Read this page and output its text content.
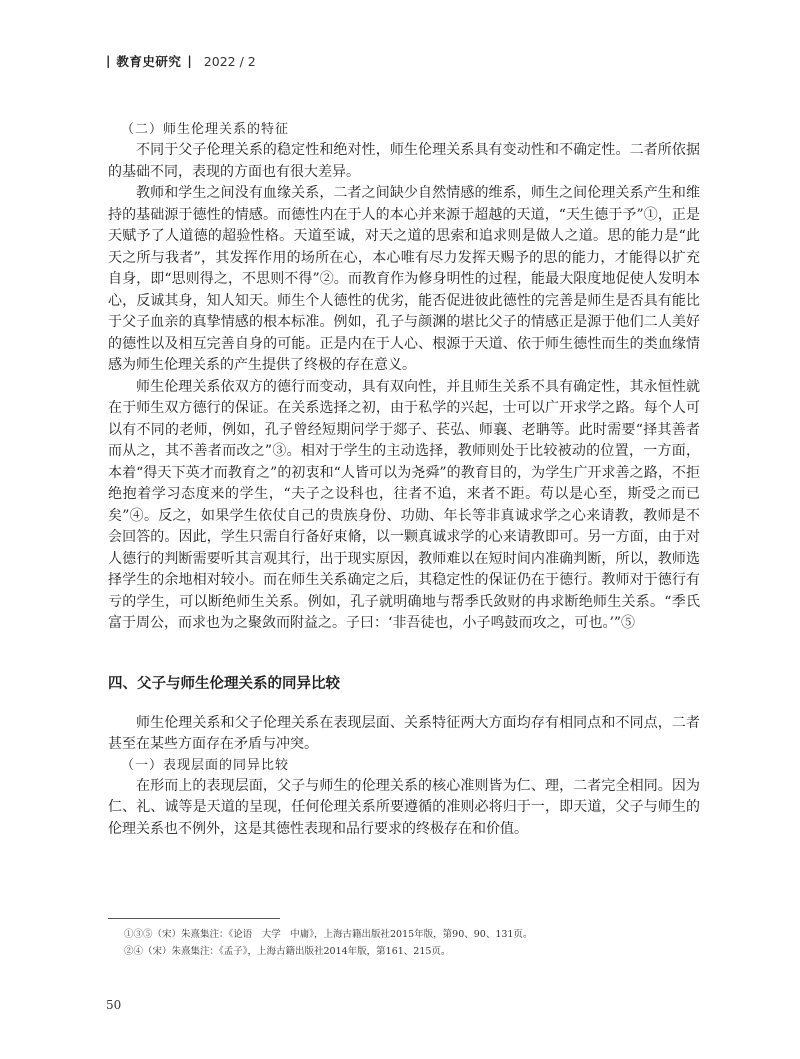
| 教育史研究 | 2022 / 2
（二）师生伦理关系的特征

不同于父子伦理关系的稳定性和绝对性，师生伦理关系具有变动性和不确定性。二者所依据的基础不同，表现的方面也有很大差异。

教师和学生之间没有血缘关系，二者之间缺少自然情感的维系，师生之间伦理关系产生和维持的基础源于德性的情感。而德性内在于人的本心并来源于超越的天道，“天生德于予”①，正是天赋予了人道德的超验性格。天道至诚，对天之道的思索和追求则是做人之道。思的能力是“此天之所与我者”，其发挥作用的场所在心，本心唯有尽力发挥天赐予的思的能力，才能得以扩充自身，即“思则得之，不思则不得”②。而教育作为修身明性的过程，能最大限度地促使人发明本心，反诚其身，知人知天。师生个人德性的优劣，能否促进彼此德性的完善是师生是否具有能比于父子血亲的真挚情感的根本标准。例如，孔子与颜渊的堪比父子的情感正是源于他们二人美好的德性以及相互完善自身的可能。正是内在于人心、根源于天道、依于师生德性而生的类血缘情感为师生伦理关系的产生提供了终极的存在意义。

师生伦理关系依双方的德行而变动，具有双向性，并且师生关系不具有确定性，其永恒性就在于师生双方德行的保证。在关系选择之初，由于私学的兴起，士可以广开求学之路。每个人可以有不同的老师，例如，孔子曾经短期问学于郯子、苌弘、师襄、老聃等。此时需要“择其善者而从之，其不善者而改之”③。相对于学生的主动选择，教师则处于比较被动的位置，一方面，本着“得天下英才而教育之”的初衷和“人皆可以为尧舜”的教育目的，为学生广开求善之路，不拒绝抱着学习态度来的学生，“夫子之设科也，往者不追，来者不距。苟以是心至，斯受之而已矣”④。反之，如果学生依仗自己的贵族身份、功勋、年长等非真诚求学之心来请教，教师是不会回答的。因此，学生只需自行备好束脩，以一颗真诚求学的心来请教即可。另一方面，由于对人德行的判断需要听其言观其行，出于现实原因，教师难以在短时间内准确判断，所以，教师选择学生的余地相对较小。而在师生关系确定之后，其稳定性的保证仍在于德行。教师对于德行有亏的学生，可以断绝师生关系。例如，孔子就明确地与帮季氏敛财的冉求断绝师生关系。“季氏富于周公，而求也为之聚敛而附益之。子曰：‘非吾徒也，小子鸣鼓而攻之，可也。’”⑤

四、父子与师生伦理关系的同异比较

师生伦理关系和父子伦理关系在表现层面、关系特征两大方面均存有相同点和不同点，二者甚至在某些方面存在矛盾与冲突。

（一）表现层面的同异比较

在形而上的表现层面，父子与师生的伦理关系的核心准则皆为仁、理，二者完全相同。因为仁、礼、诚等是天道的呈现，任何伦理关系所要遵循的准则必将归于一，即天道，父子与师生的伦理关系也不例外，这是其德性表现和品行要求的终极存在和价值。

①③⑤（宋）朱熹集注：《论语　大学　中庸》，上海古籍出版社2015年版，第90、90、131页。
②④（宋）朱熹集注：《孟子》，上海古籍出版社2014年版，第161、215页。
50
